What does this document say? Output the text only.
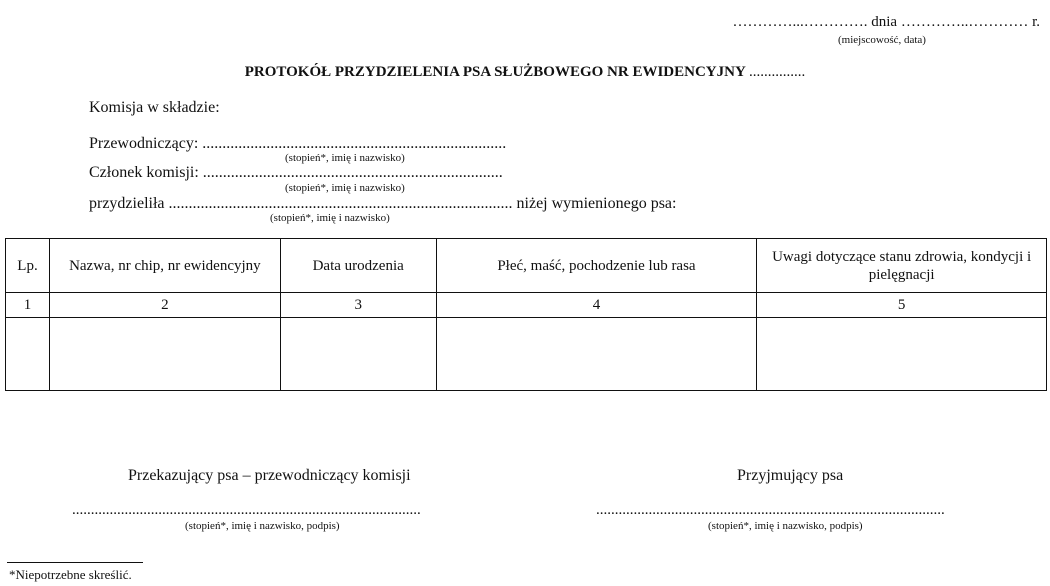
…………...…………. dnia …………..………… r.
(miejscowość, data)
PROTOKÓŁ PRZYDZIELENIA PSA SŁUŻBOWEGO NR EWIDENCYJNY ...............
Komisja w składzie:
Przewodniczący: ............................................................................
(stopień*, imię i nazwisko)
Członek komisji: ...........................................................................
(stopień*, imię i nazwisko)
przydzieliła ...................................................................................... niżej wymienionego psa:
(stopień*, imię i nazwisko)
Lp.	Nazwa, nr chip, nr ewidencyjny	Data urodzenia	Płeć, maść, pochodzenie lub rasa	Uwagi dotyczące stanu zdrowia, kondycji i pielęgnacji
1	2	3	4	5

Przekazujący psa – przewodniczący komisji	Przyjmujący psa
.............................................................................................	.............................................................................................
(stopień*, imię i nazwisko, podpis)	(stopień*, imię i nazwisko, podpis)
*Niepotrzebne skreślić.
